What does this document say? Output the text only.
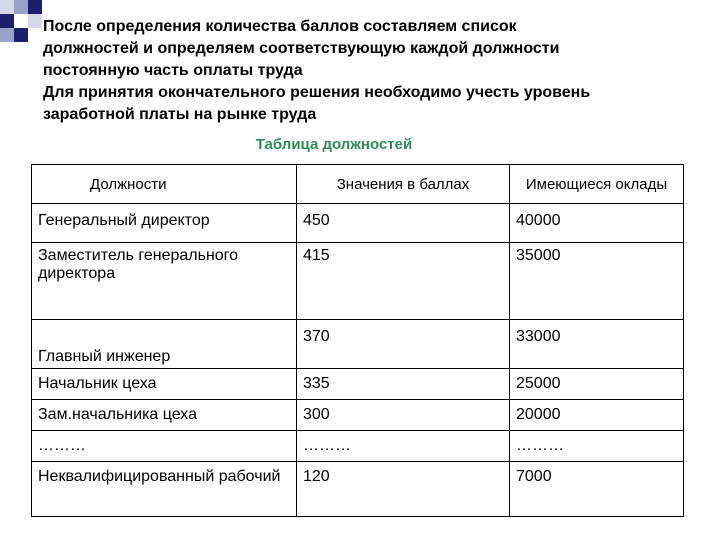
После определения количества баллов составляем список

должностей и определяем соответствующую каждой должности

постоянную часть оплаты труда

Для принятия окончательного решения необходимо учесть уровень

заработной платы на рынке труда

Таблица должностей
Должности	Значения в баллах	Имеющиеся оклады
Генеральный директор	450	40000
Заместитель генерального директора	415	35000
Главный инженер	370	33000
Начальник цеха	335	25000
Зам.начальника цеха	300	20000
………	………	………
Неквалифицированный рабочий	120	7000
